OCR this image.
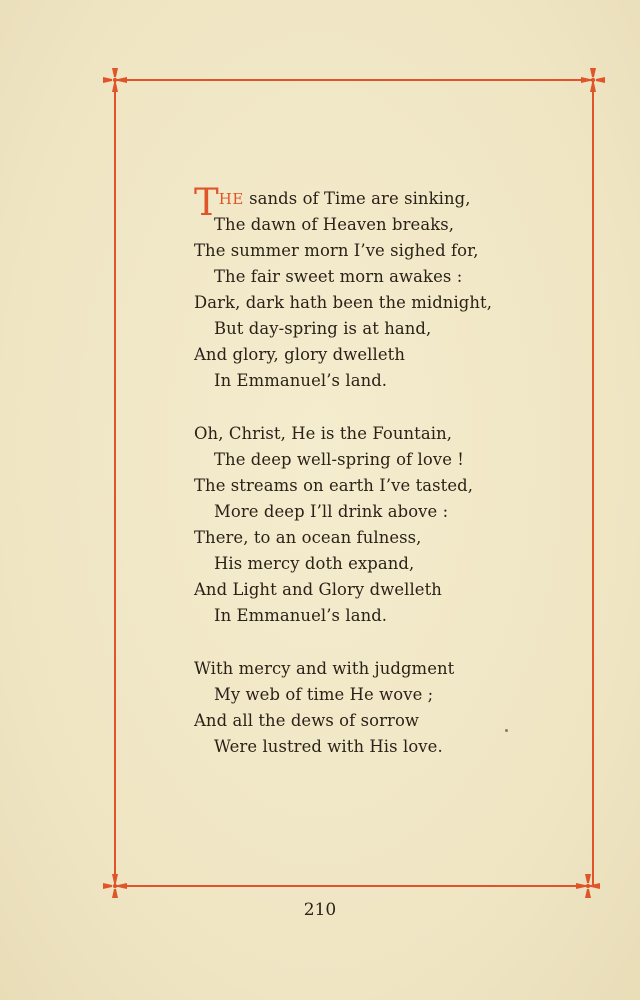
THE sands of Time are sinking,
The dawn of Heaven breaks,
The summer morn I’ve sighed for,
The fair sweet morn awakes :
Dark, dark hath been the midnight,
But day-spring is at hand,
And glory, glory dwelleth
In Emmanuel’s land.
Oh, Christ, He is the Fountain,
The deep well-spring of love !
The streams on earth I’ve tasted,
More deep I’ll drink above :
There, to an ocean fulness,
His mercy doth expand,
And Light and Glory dwelleth
In Emmanuel’s land.
With mercy and with judgment
My web of time He wove ;
And all the dews of sorrow
Were lustred with His love.
210
